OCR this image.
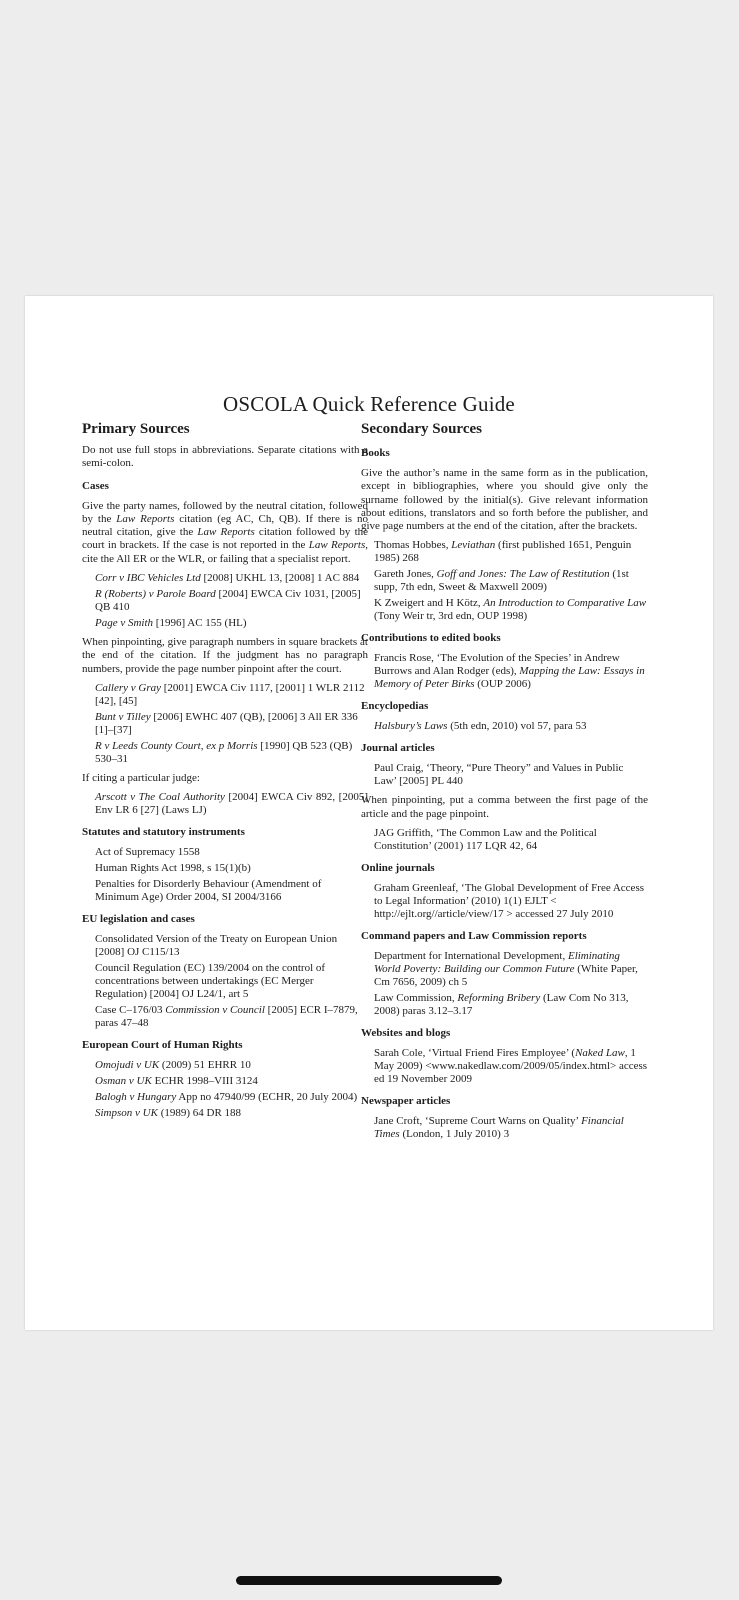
OSCOLA Quick Reference Guide
Primary Sources

Do not use full stops in abbreviations. Separate citations with a semi-colon.

Cases

Give the party names, followed by the neutral citation, followed by the Law Reports citation (eg AC, Ch, QB). If there is no neutral citation, give the Law Reports citation followed by the court in brackets. If the case is not reported in the Law Reports, cite the All ER or the WLR, or failing that a specialist report.

Corr v IBC Vehicles Ltd [2008] UKHL 13, [2008] 1 AC 884
R (Roberts) v Parole Board [2004] EWCA Civ 1031, [2005] QB 410
Page v Smith [1996] AC 155 (HL)

When pinpointing, give paragraph numbers in square brackets at the end of the citation. If the judgment has no paragraph numbers, provide the page number pinpoint after the court.

Callery v Gray [2001] EWCA Civ 1117, [2001] 1 WLR 2112 [42], [45]
Bunt v Tilley [2006] EWHC 407 (QB), [2006] 3 All ER 336 [1]–[37]
R v Leeds County Court, ex p Morris [1990] QB 523 (QB) 530–31

If citing a particular judge:

Arscott v The Coal Authority [2004] EWCA Civ 892, [2005] Env LR 6 [27] (Laws LJ)
Statutes and statutory instruments
Act of Supremacy 1558
Human Rights Act 1998, s 15(1)(b)
Penalties for Disorderly Behaviour (Amendment of Minimum Age) Order 2004, SI 2004/3166
EU legislation and cases
Consolidated Version of the Treaty on European Union [2008] OJ C115/13
Council Regulation (EC) 139/2004 on the control of concentrations between undertakings (EC Merger Regulation) [2004] OJ L24/1, art 5
Case C–176/03 Commission v Council [2005] ECR I–7879, paras 47–48
European Court of Human Rights
Omojudi v UK (2009) 51 EHRR 10
Osman v UK ECHR 1998–VIII 3124
Balogh v Hungary App no 47940/99 (ECHR, 20 July 2004)
Simpson v UK (1989) 64 DR 188
Secondary Sources
Books

Give the author’s name in the same form as in the publication, except in bibliographies, where you should give only the surname followed by the initial(s). Give relevant information about editions, translators and so forth before the publisher, and give page numbers at the end of the citation, after the brackets.

Thomas Hobbes, Leviathan (first published 1651, Penguin 1985) 268
Gareth Jones, Goff and Jones: The Law of Restitution (1st supp, 7th edn, Sweet & Maxwell 2009)
K Zweigert and H Kötz, An Introduction to Comparative Law (Tony Weir tr, 3rd edn, OUP 1998)
Contributions to edited books
Francis Rose, ‘The Evolution of the Species’ in Andrew Burrows and Alan Rodger (eds), Mapping the Law: Essays in Memory of Peter Birks (OUP 2006)
Encyclopedias
Halsbury’s Laws (5th edn, 2010) vol 57, para 53
Journal articles
Paul Craig, ‘Theory, “Pure Theory” and Values in Public Law’ [2005] PL 440

When pinpointing, put a comma between the first page of the article and the page pinpoint.

JAG Griffith, ‘The Common Law and the Political Constitution’ (2001) 117 LQR 42, 64
Online journals
Graham Greenleaf, ‘The Global Development of Free Access to Legal Information’ (2010) 1(1) EJLT < http://ejlt.org//article/view/17 > accessed 27 July 2010
Command papers and Law Commission reports
Department for International Development, Eliminating World Poverty: Building our Common Future (White Paper, Cm 7656, 2009) ch 5
Law Commission, Reforming Bribery (Law Com No 313, 2008) paras 3.12–3.17
Websites and blogs
Sarah Cole, ‘Virtual Friend Fires Employee’ (Naked Law, 1 May 2009) <www.nakedlaw.com/2009/05/index.html> accessed 19 November 2009
Newspaper articles
Jane Croft, ‘Supreme Court Warns on Quality’ Financial Times (London, 1 July 2010) 3
